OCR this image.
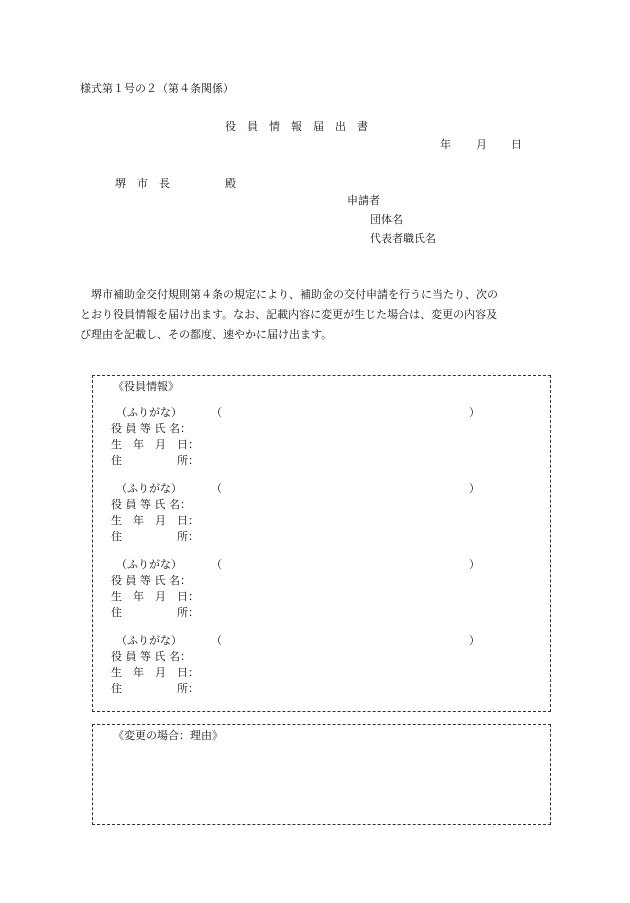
様式第１号の２（第４条関係）
役　員　情　報　届　出　書
年 月 日
堺　市　長　　　　　殿
申請者
団体名
代表者職氏名
　堺市補助金交付規則第４条の規定により、補助金の交付申請を行うに当たり、次の
とおり役員情報を届け出ます。なお、記載内容に変更が生じた場合は、変更の内容及
び理由を記載し、その都度、速やかに届け出ます。
《役員情報》
（ふりがな）	（	）
役 員 等 氏 名：
生　年　月　日：
住　　　　　所：
（ふりがな）	（	）
役 員 等 氏 名：
生　年　月　日：
住　　　　　所：
（ふりがな）	（	）
役 員 等 氏 名：
生　年　月　日：
住　　　　　所：
（ふりがな）	（	）
役 員 等 氏 名：
生　年　月　日：
住　　　　　所：
《変更の場合：理由》
